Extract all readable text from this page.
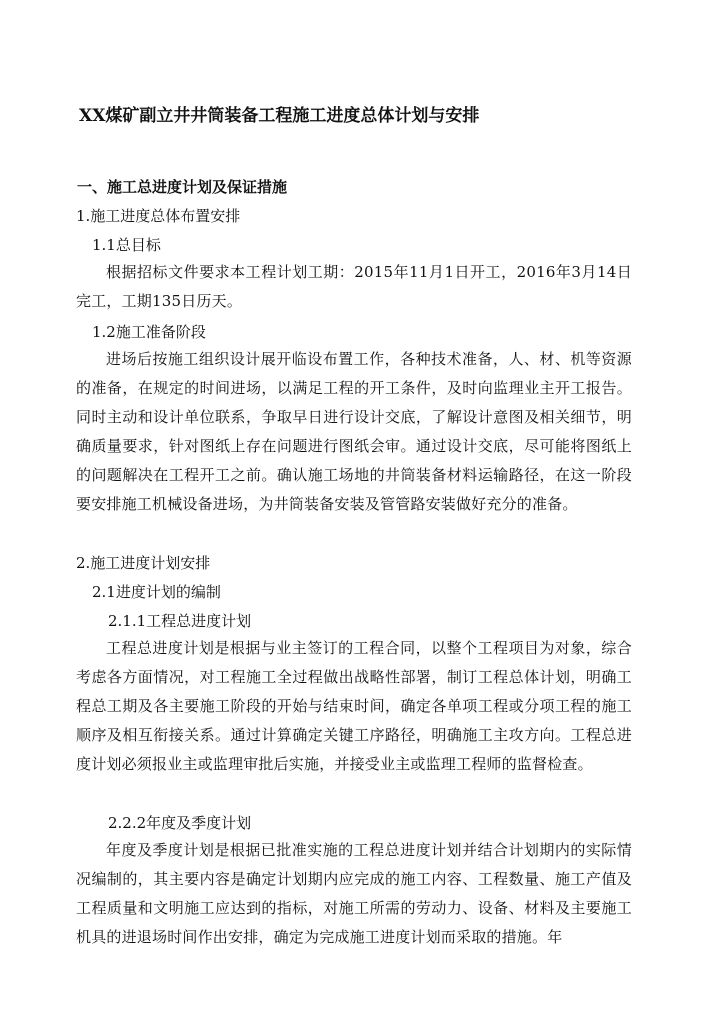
XX煤矿副立井井筒装备工程施工进度总体计划与安排
一、施工总进度计划及保证措施
1.施工进度总体布置安排
1.1总目标
根据招标文件要求本工程计划工期：2015年11月1日开工，2016年3月14日完工，工期135日历天。
1.2施工准备阶段
进场后按施工组织设计展开临设布置工作，各种技术准备，人、材、机等资源的准备，在规定的时间进场，以满足工程的开工条件，及时向监理业主开工报告。同时主动和设计单位联系，争取早日进行设计交底，了解设计意图及相关细节，明确质量要求，针对图纸上存在问题进行图纸会审。通过设计交底，尽可能将图纸上的问题解决在工程开工之前。确认施工场地的井筒装备材料运输路径，在这一阶段要安排施工机械设备进场，为井筒装备安装及管管路安装做好充分的准备。
2.施工进度计划安排
2.1进度计划的编制
2.1.1工程总进度计划
工程总进度计划是根据与业主签订的工程合同，以整个工程项目为对象，综合考虑各方面情况，对工程施工全过程做出战略性部署，制订工程总体计划，明确工程总工期及各主要施工阶段的开始与结束时间，确定各单项工程或分项工程的施工顺序及相互衔接关系。通过计算确定关键工序路径，明确施工主攻方向。工程总进度计划必须报业主或监理审批后实施，并接受业主或监理工程师的监督检查。
2.2.2年度及季度计划
年度及季度计划是根据已批准实施的工程总进度计划并结合计划期内的实际情况编制的，其主要内容是确定计划期内应完成的施工内容、工程数量、施工产值及工程质量和文明施工应达到的指标，对施工所需的劳动力、设备、材料及主要施工机具的进退场时间作出安排，确定为完成施工进度计划而采取的措施。年
